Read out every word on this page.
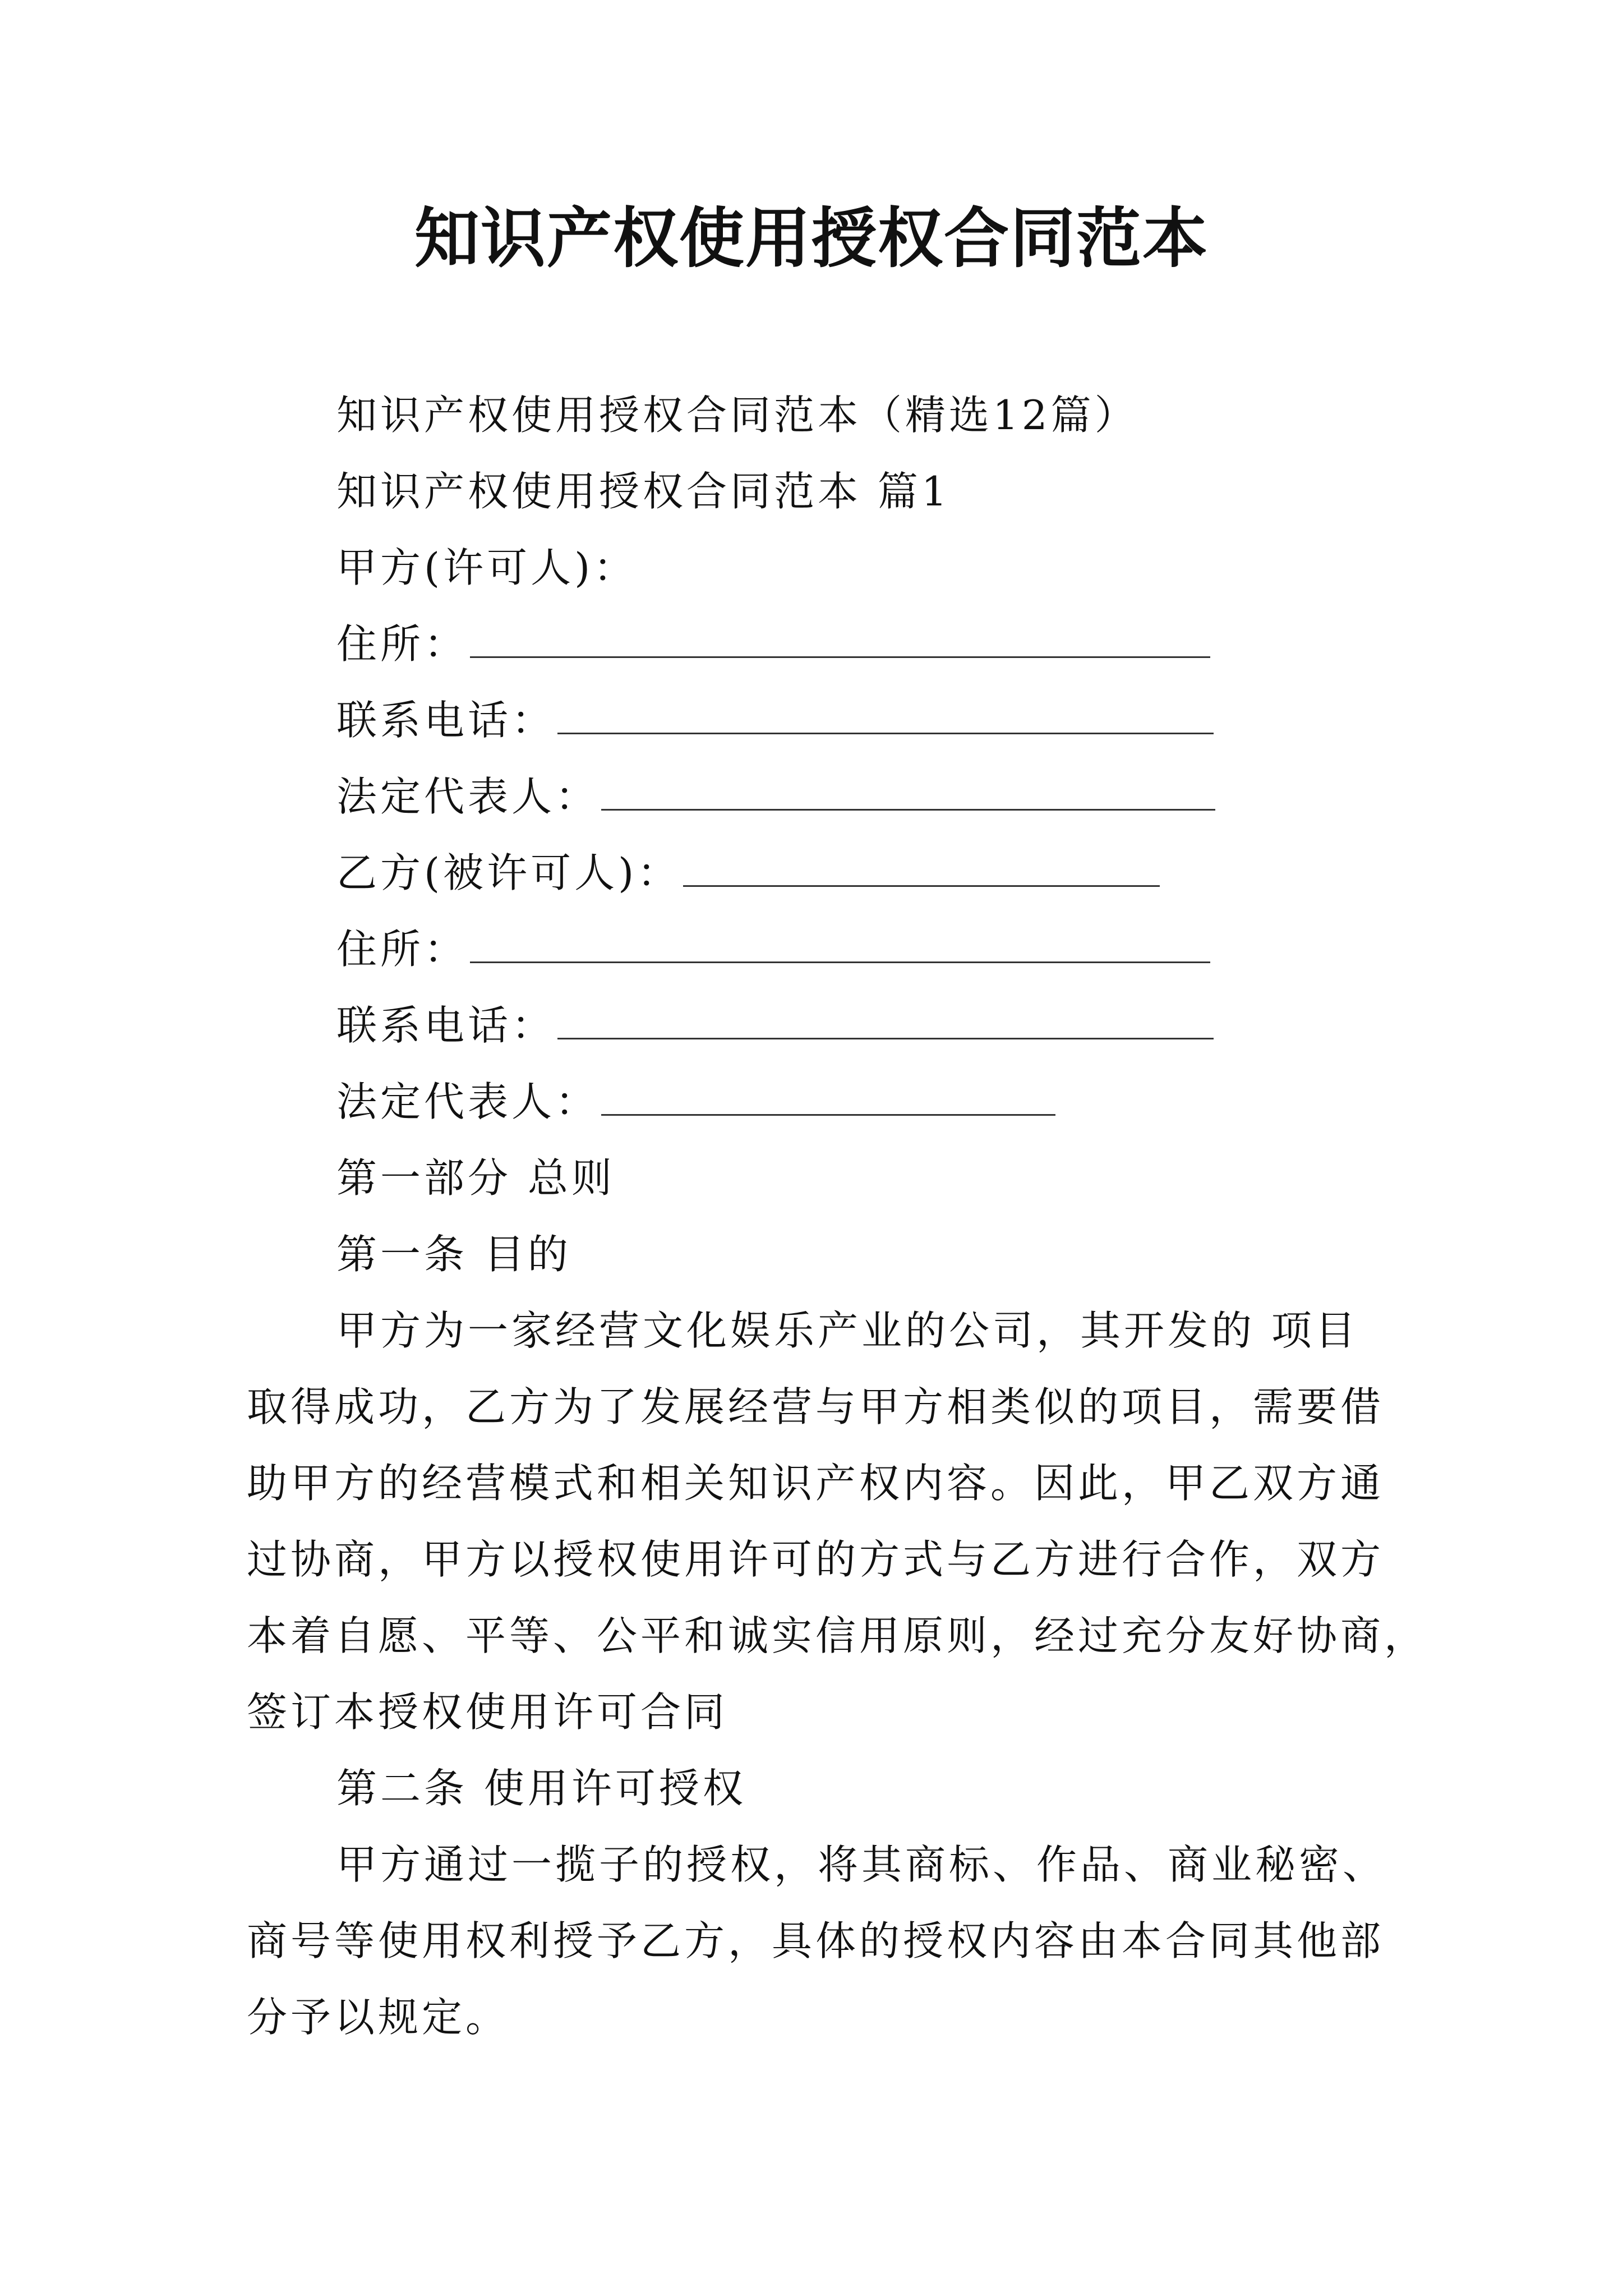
知识产权使用授权合同范本
知识产权使用授权合同范本（精选12篇）
知识产权使用授权合同范本 篇1
甲方(许可人)：
住所：
联系电话：
法定代表人：
乙方(被许可人)：
住所：
联系电话：
法定代表人：
第一部分 总则
第一条 目的
甲方为一家经营文化娱乐产业的公司，其开发的 项目
取得成功，乙方为了发展经营与甲方相类似的项目，需要借
助甲方的经营模式和相关知识产权内容。因此，甲乙双方通
过协商，甲方以授权使用许可的方式与乙方进行合作，双方
本着自愿、平等、公平和诚实信用原则，经过充分友好协商，
签订本授权使用许可合同
第二条 使用许可授权
甲方通过一揽子的授权，将其商标、作品、商业秘密、
商号等使用权利授予乙方，具体的授权内容由本合同其他部
分予以规定。
